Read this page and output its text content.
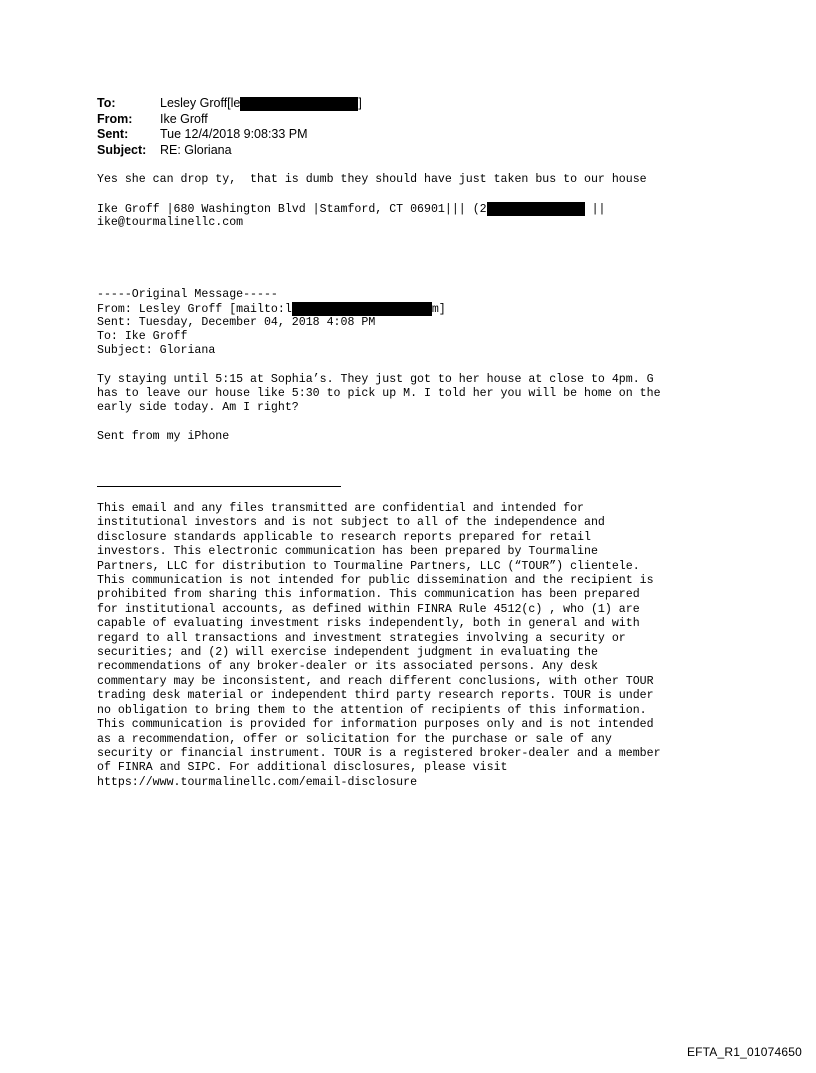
To:	Lesley Groff[le	]
From:	Ike Groff
Sent:	Tue 12/4/2018 9:08:33 PM
Subject:	RE: Gloriana
Yes she can drop ty,  that is dumb they should have just taken bus to our house
Ike Groff |680 Washington Blvd |Stamford, CT 06901||| (2	||
ike@tourmalinellc.com
-----Original Message-----
From: Lesley Groff [mailto:l	m]
Sent: Tuesday, December 04, 2018 4:08 PM
To: Ike Groff
Subject: Gloriana
Ty staying until 5:15 at Sophia’s. They just got to her house at close to 4pm. G
has to leave our house like 5:30 to pick up M. I told her you will be home on the
early side today. Am I right?
Sent from my iPhone
This email and any files transmitted are confidential and intended for
institutional investors and is not subject to all of the independence and
disclosure standards applicable to research reports prepared for retail
investors. This electronic communication has been prepared by Tourmaline
Partners, LLC for distribution to Tourmaline Partners, LLC (“TOUR”) clientele.
This communication is not intended for public dissemination and the recipient is
prohibited from sharing this information. This communication has been prepared
for institutional accounts, as defined within FINRA Rule 4512(c) , who (1) are
capable of evaluating investment risks independently, both in general and with
regard to all transactions and investment strategies involving a security or
securities; and (2) will exercise independent judgment in evaluating the
recommendations of any broker-dealer or its associated persons. Any desk
commentary may be inconsistent, and reach different conclusions, with other TOUR
trading desk material or independent third party research reports. TOUR is under
no obligation to bring them to the attention of recipients of this information.
This communication is provided for information purposes only and is not intended
as a recommendation, offer or solicitation for the purchase or sale of any
security or financial instrument. TOUR is a registered broker-dealer and a member
of FINRA and SIPC. For additional disclosures, please visit
https://www.tourmalinellc.com/email-disclosure
EFTA_R1_01074650
